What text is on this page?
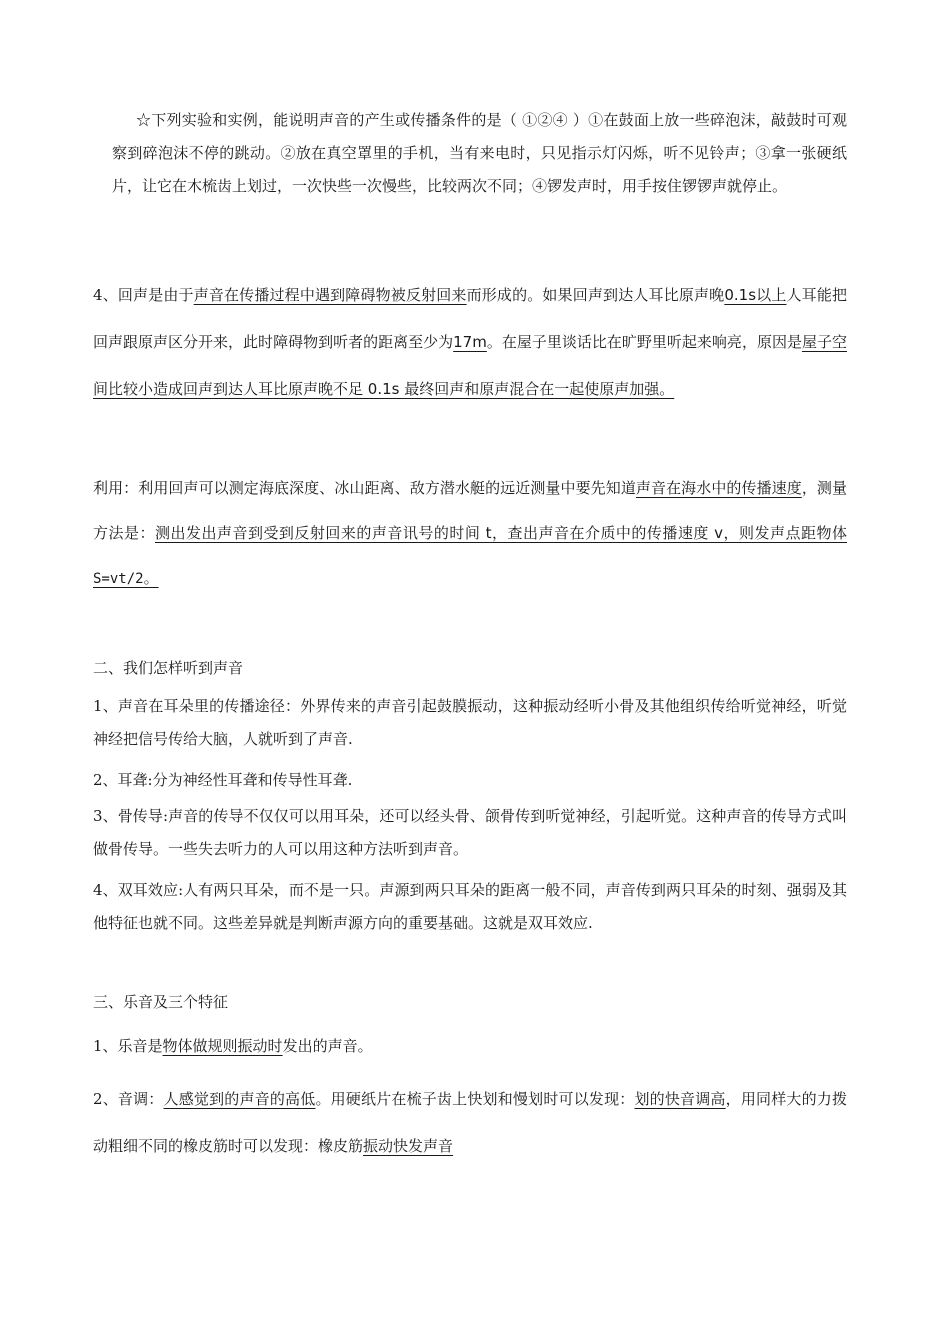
☆下列实验和实例，能说明声音的产生或传播条件的是（ ①②④ ）①在鼓面上放一些碎泡沫，敲鼓时可观察到碎泡沫不停的跳动。②放在真空罩里的手机，当有来电时，只见指示灯闪烁，听不见铃声；③拿一张硬纸片，让它在木梳齿上划过，一次快些一次慢些，比较两次不同；④锣发声时，用手按住锣锣声就停止。

4、回声是由于声音在传播过程中遇到障碍物被反射回来而形成的。如果回声到达人耳比原声晚0.1s以上人耳能把回声跟原声区分开来，此时障碍物到听者的距离至少为17m。在屋子里谈话比在旷野里听起来响亮，原因是屋子空间比较小造成回声到达人耳比原声晚不足 0.1s 最终回声和原声混合在一起使原声加强。

利用：利用回声可以测定海底深度、冰山距离、敌方潜水艇的远近测量中要先知道声音在海水中的传播速度，测量方法是：测出发出声音到受到反射回来的声音讯号的时间 t，查出声音在介质中的传播速度 v，则发声点距物体 S=vt/2。

二、我们怎样听到声音

1、声音在耳朵里的传播途径：外界传来的声音引起鼓膜振动，这种振动经听小骨及其他组织传给听觉神经，听觉神经把信号传给大脑，人就听到了声音.

2、耳聋:分为神经性耳聋和传导性耳聋.

3、骨传导:声音的传导不仅仅可以用耳朵，还可以经头骨、颌骨传到听觉神经，引起听觉。这种声音的传导方式叫做骨传导。一些失去听力的人可以用这种方法听到声音。

4、双耳效应:人有两只耳朵，而不是一只。声源到两只耳朵的距离一般不同，声音传到两只耳朵的时刻、强弱及其他特征也就不同。这些差异就是判断声源方向的重要基础。这就是双耳效应.

三、乐音及三个特征

1、乐音是物体做规则振动时发出的声音。

2、音调：人感觉到的声音的高低。用硬纸片在梳子齿上快划和慢划时可以发现：划的快音调高，用同样大的力拨动粗细不同的橡皮筋时可以发现：橡皮筋振动快发声音
